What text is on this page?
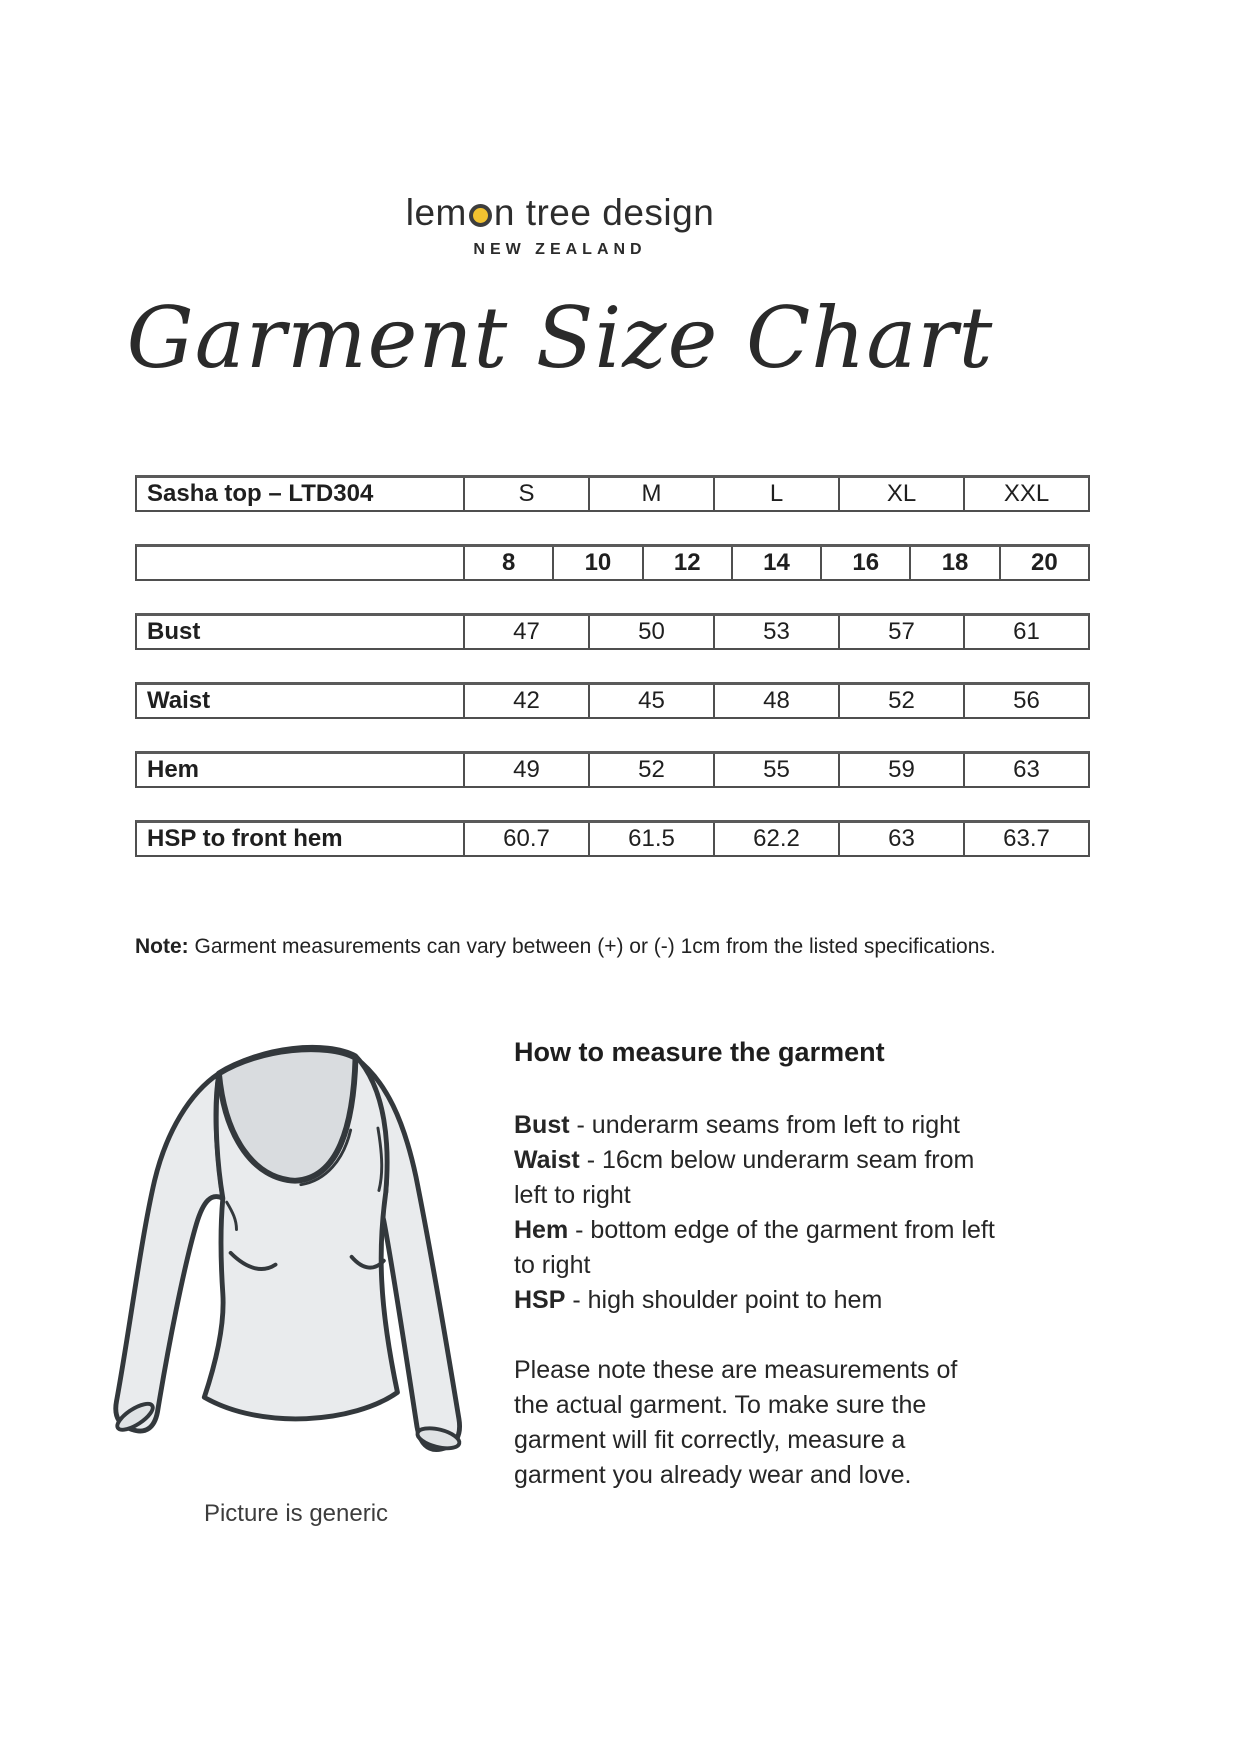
lem n tree design
NEW ZEALAND
Garment Size Chart
Sasha top – LTD304	S	M	L	XL	XXL
8	10	12	14	16	18	20
Bust	47	50	53	57	61
Waist	42	45	48	52	56
Hem	49	52	55	59	63
HSP to front hem	60.7	61.5	62.2	63	63.7

Note: Garment measurements can vary between (+) or (-) 1cm from the listed specifications.

Picture is generic
How to measure the garment

Bust - underarm seams from left to right

Waist - 16cm below underarm seam from left to right

Hem - bottom edge of the garment from left to right

HSP - high shoulder point to hem

Please note these are measurements of the actual garment. To make sure the garment will fit correctly, measure a garment you already wear and love.
